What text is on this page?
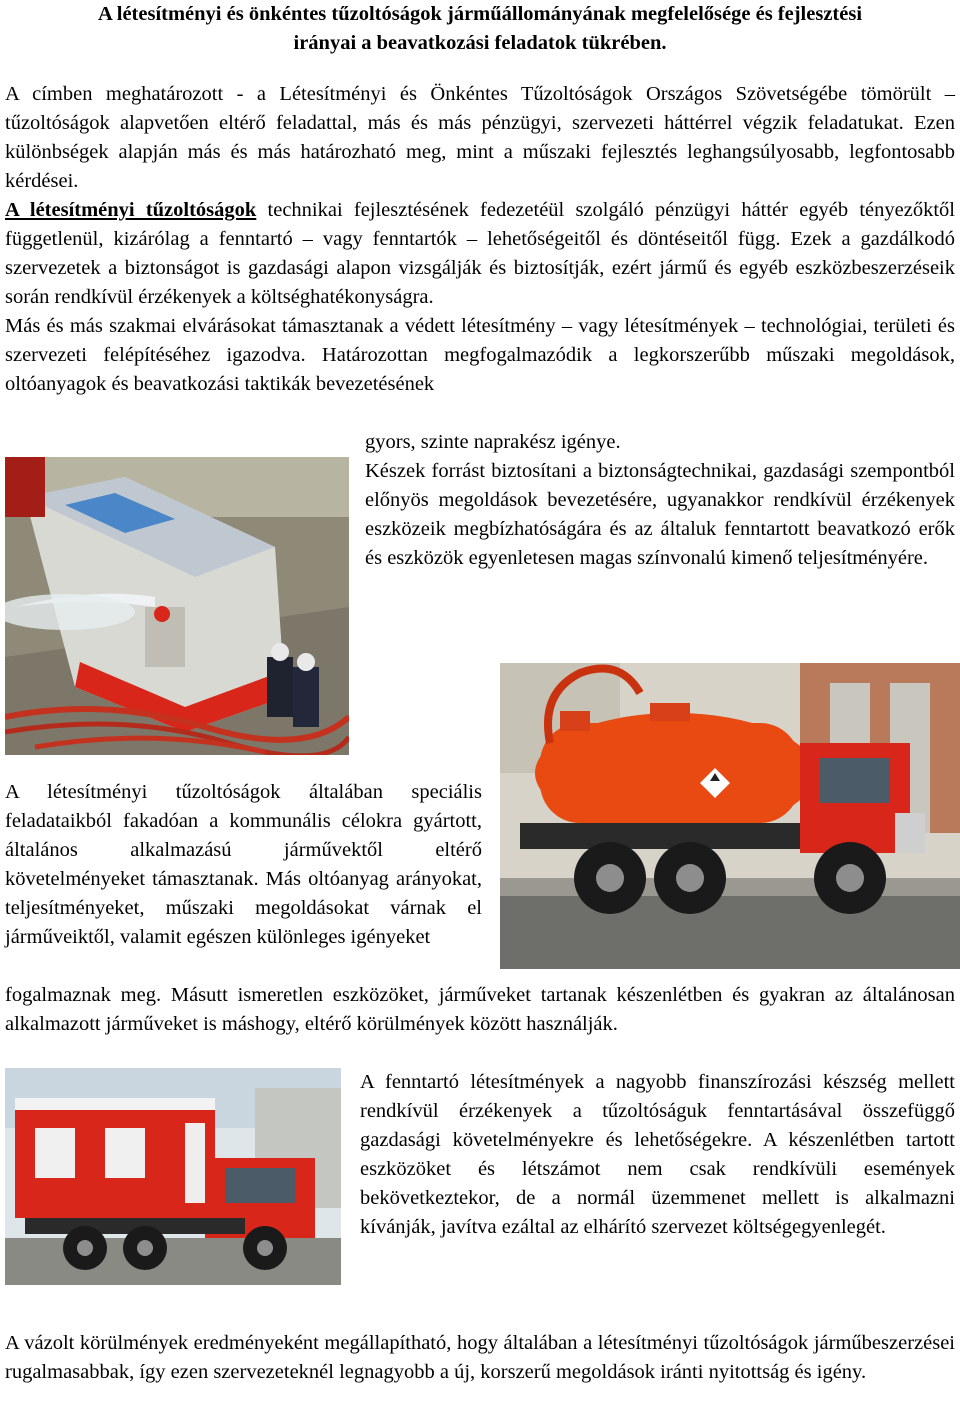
A létesítményi és önkéntes tűzoltóságok járműállományának megfelelősége és fejlesztési
irányai a beavatkozási feladatok tükrében.

A címben meghatározott - a Létesítményi és Önkéntes Tűzoltóságok Országos Szövetségébe tömörült – tűzoltóságok alapvetően eltérő feladattal, más és más pénzügyi, szervezeti háttérrel végzik feladatukat. Ezen különbségek alapján más és más határozható meg, mint a műszaki fejlesztés leghangsúlyosabb, legfontosabb kérdései.

A létesítményi tűzoltóságok technikai fejlesztésének fedezetéül szolgáló pénzügyi háttér egyéb tényezőktől függetlenül, kizárólag a fenntartó – vagy fenntartók – lehetőségeitől és döntéseitől függ. Ezek a gazdálkodó szervezetek a biztonságot is gazdasági alapon vizsgálják és biztosítják, ezért jármű és egyéb eszközbeszerzéseik során rendkívül érzékenyek a költséghatékonyságra.

Más és más szakmai elvárásokat támasztanak a védett létesítmény – vagy létesítmények – technológiai, területi és szervezeti felépítéséhez igazodva. Határozottan megfogalmazódik a legkorszerűbb műszaki megoldások, oltóanyagok és beavatkozási taktikák bevezetésének

gyors, szinte naprakész igénye.

Készek forrást biztosítani a biztonságtechnikai, gazdasági szempontból előnyös megoldások bevezetésére, ugyanakkor rendkívül érzékenyek eszközeik megbízhatóságára és az általuk fenntartott beavatkozó erők és eszközök egyenletesen magas színvonalú kimenő teljesítményére.

A létesítményi tűzoltóságok általában speciális feladataikból fakadóan a kommunális célokra gyártott, általános alkalmazású járművektől eltérő követelményeket támasztanak. Más oltóanyag arányokat, teljesítményeket, műszaki megoldásokat várnak el járműveiktől, valamit egészen különleges igényeket

fogalmaznak meg. Másutt ismeretlen eszközöket, járműveket tartanak készenlétben és gyakran az általánosan alkalmazott járműveket is máshogy, eltérő körülmények között használják.

A fenntartó létesítmények a nagyobb finanszírozási készség mellett rendkívül érzékenyek a tűzoltóságuk fenntartásával összefüggő gazdasági követelményekre és lehetőségekre. A készenlétben tartott eszközöket és létszámot nem csak rendkívüli események bekövetkeztekor, de a normál üzemmenet mellett is alkalmazni kívánják, javítva ezáltal az elhárító szervezet költségegyenlegét.

A vázolt körülmények eredményeként megállapítható, hogy általában a létesítményi tűzoltóságok járműbeszerzései rugalmasabbak, így ezen szervezeteknél legnagyobb a új, korszerű megoldások iránti nyitottság és igény.
